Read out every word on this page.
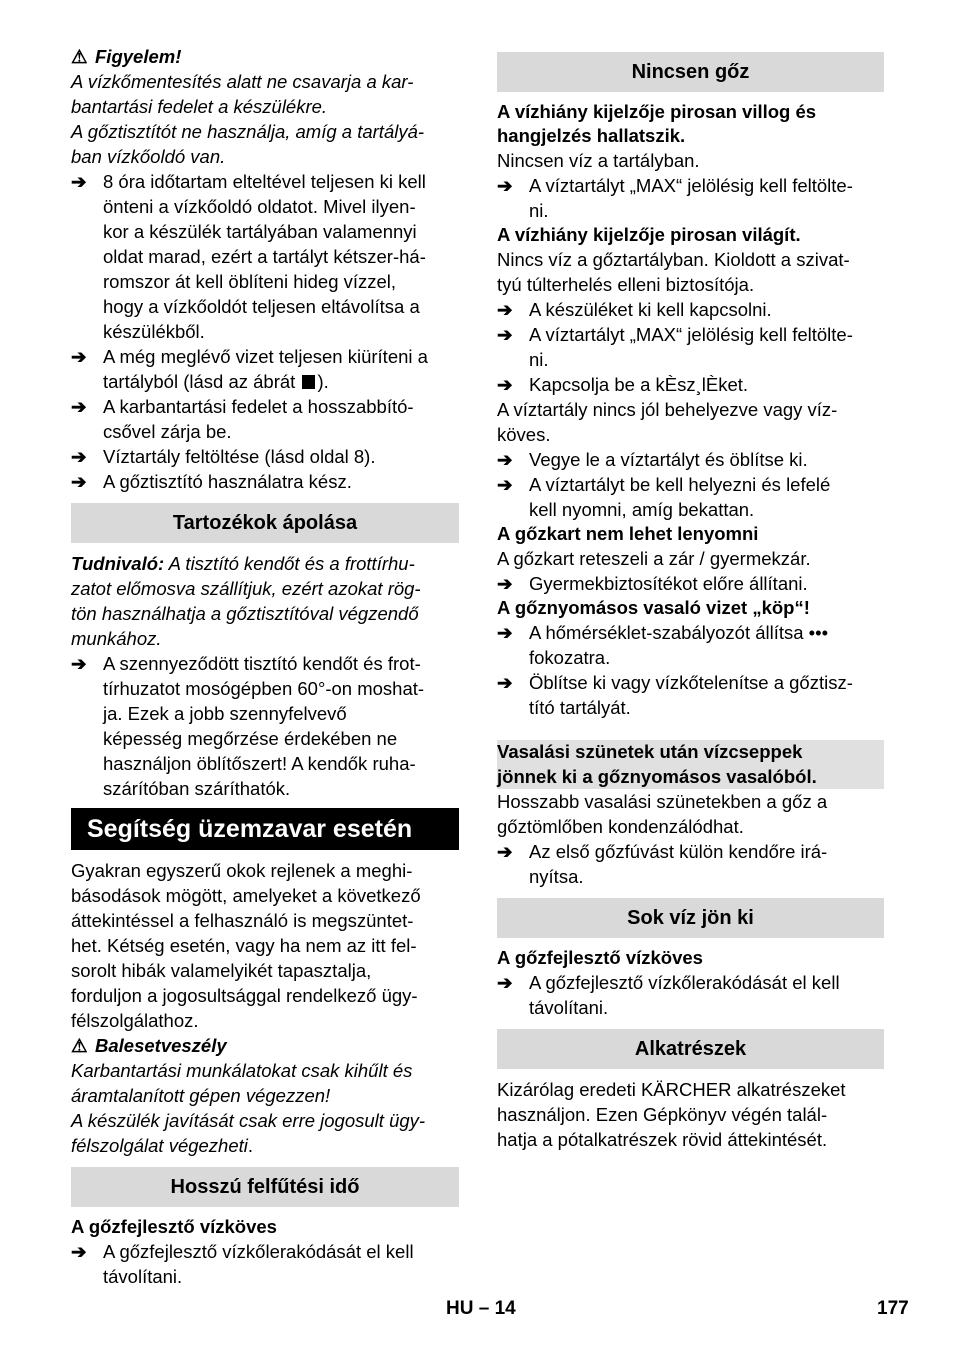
⚠ Figyelem!
A vízkőmentesítés alatt ne csavarja a kar-
bantartási fedelet a készülékre.
A gőztisztítót ne használja, amíg a tartályá-
ban vízkőoldó van.
➔ 8 óra időtartam elteltével teljesen ki kell
önteni a vízkőoldó oldatot. Mivel ilyen-
kor a készülék tartályában valamennyi
oldat marad, ezért a tartályt kétszer-há-
romszor át kell öblíteni hideg vízzel,
hogy a vízkőoldót teljesen eltávolítsa a
készülékből.
➔ A még meglévő vizet teljesen kiüríteni a
tartályból (lásd az ábrát ).
➔ A karbantartási fedelet a hosszabbító-
csővel zárja be.
➔ Víztartály feltöltése (lásd oldal 8).
➔ A gőztisztító használatra kész.
Tartozékok ápolása
Tudnivaló: A tisztító kendőt és a frottírhu-
zatot előmosva szállítjuk, ezért azokat rög-
tön használhatja a gőztisztítóval végzendő
munkához.
➔ A szennyeződött tisztító kendőt és frot-
tírhuzatot mosógépben 60°-on moshat-
ja. Ezek a jobb szennyfelvevő
képesség megőrzése érdekében ne
használjon öblítőszert! A kendők ruha-
szárítóban száríthatók.
Segítség üzemzavar esetén
Gyakran egyszerű okok rejlenek a meghi-
básodások mögött, amelyeket a következő
áttekintéssel a felhasználó is megszüntet-
het. Kétség esetén, vagy ha nem az itt fel-
sorolt hibák valamelyikét tapasztalja,
forduljon a jogosultsággal rendelkező ügy-
félszolgálathoz.
⚠ Balesetveszély
Karbantartási munkálatokat csak kihűlt és
áramtalanított gépen végezzen!
A készülék javítását csak erre jogosult ügy-
félszolgálat végezheti.
Hosszú felfűtési idő
A gőzfejlesztő vízköves
➔ A gőzfejlesztő vízkőlerakódását el kell
távolítani.
Nincsen gőz
A vízhiány kijelzője pirosan villog és
hangjelzés hallatszik.
Nincsen víz a tartályban.
➔ A víztartályt „MAX“ jelölésig kell feltölte-
ni.
A vízhiány kijelzője pirosan világít.
Nincs víz a gőztartályban. Kioldott a szivat-
tyú túlterhelés elleni biztosítója.
➔ A készüléket ki kell kapcsolni.
➔ A víztartályt „MAX“ jelölésig kell feltölte-
ni.
➔ Kapcsolja be a kÈsz¸lÈket.
A víztartály nincs jól behelyezve vagy víz-
köves.
➔ Vegye le a víztartályt és öblítse ki.
➔ A víztartályt be kell helyezni és lefelé
kell nyomni, amíg bekattan.
A gőzkart nem lehet lenyomni
A gőzkart reteszeli a zár / gyermekzár.
➔ Gyermekbiztosítékot előre állítani.
A gőznyomásos vasaló vizet „köp“!
➔ A hőmérséklet-szabályozót állítsa •••
fokozatra.
➔ Öblítse ki vagy vízkőtelenítse a gőztisz-
tító tartályát.
Vasalási szünetek után vízcseppek
jönnek ki a gőznyomásos vasalóból.
Hosszabb vasalási szünetekben a gőz a
gőztömlőben kondenzálódhat.
➔ Az első gőzfúvást külön kendőre irá-
nyítsa.
Sok víz jön ki
A gőzfejlesztő vízköves
➔ A gőzfejlesztő vízkőlerakódását el kell
távolítani.
Alkatrészek
Kizárólag eredeti KÄRCHER alkatrészeket
használjon. Ezen Gépkönyv végén talál-
hatja a pótalkatrészek rövid áttekintését.
HU – 14	177
